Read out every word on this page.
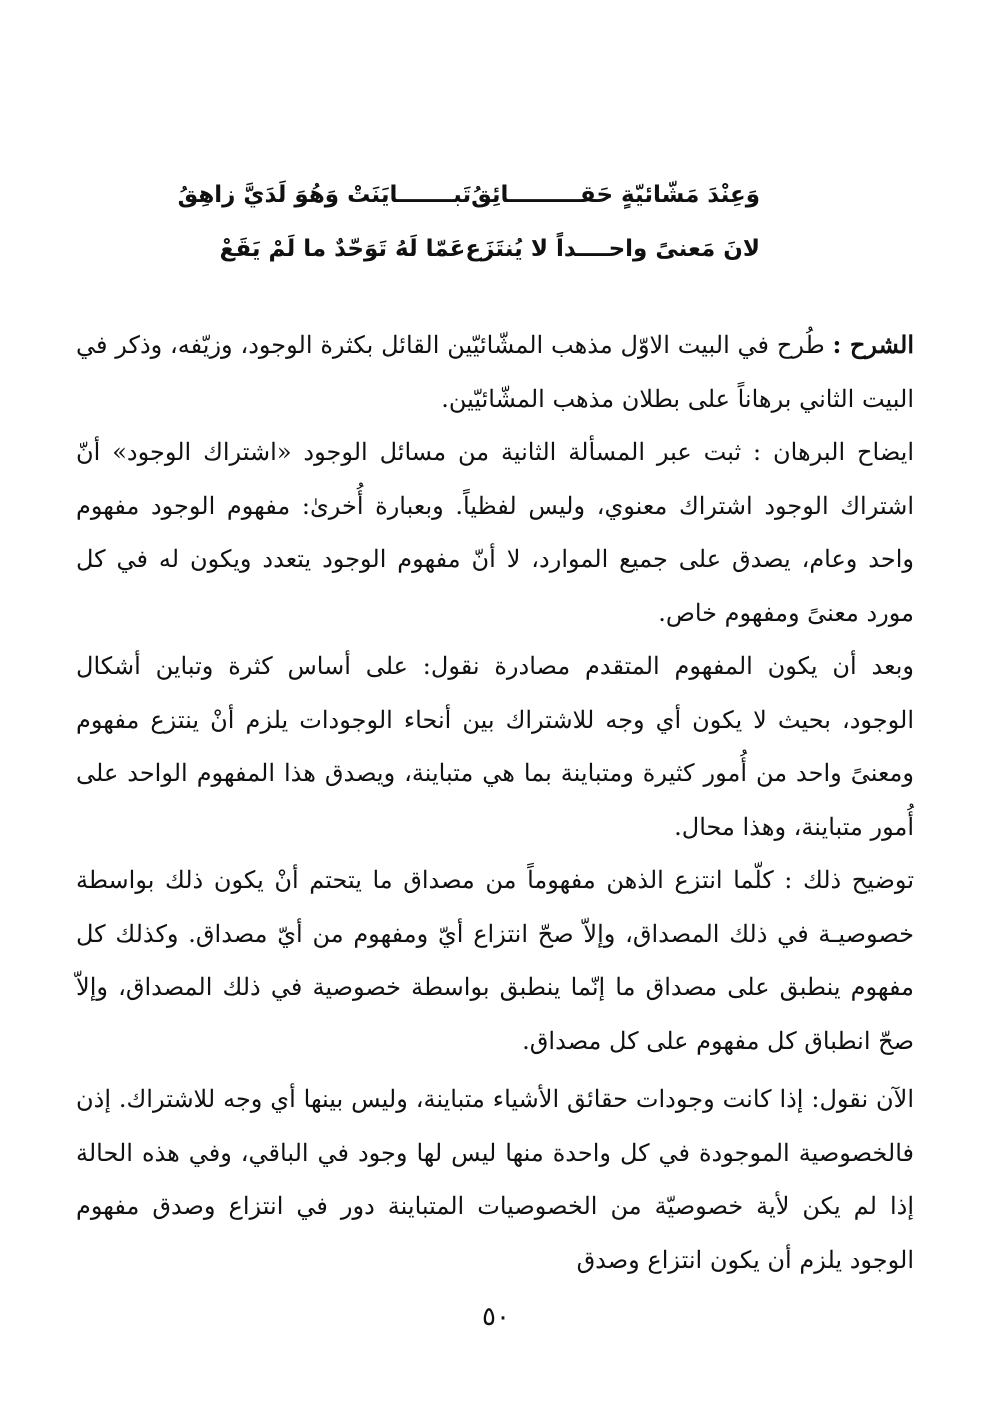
وَعِنْدَ مَشّائيّةٍ حَقـــــــــائِقُ
تَبـــــــايَنَتْ وَهُوَ لَدَيَّ زاهِقُ
لانَ مَعنىً واحــــداً لا يُنتَزَع
عَمّا لَهُ تَوَحّدٌ ما لَمْ يَقَعْ

الشرح : طُرح في البيت الاوّل مذهب المشّائيّين القائل بكثرة الوجود، وزيّفه، وذكر في البيت الثاني برهاناً على بطلان مذهب المشّائيّين.

ايضاح البرهان : ثبت عبر المسألة الثانية من مسائل الوجود «اشتراك الوجود» أنّ اشتراك الوجود اشتراك معنوي، وليس لفظياً. وبعبارة أُخرىٰ: مفهوم الوجود مفهوم واحد وعام، يصدق على جميع الموارد، لا أنّ مفهوم الوجود يتعدد ويكون له في كل مورد معنىً ومفهوم خاص.

وبعد أن يكون المفهوم المتقدم مصادرة نقول: على أساس كثرة وتباين أشكال الوجود، بحيث لا يكون أي وجه للاشتراك بين أنحاء الوجودات يلزم أنْ ينتزع مفهوم ومعنىً واحد من أُمور كثيرة ومتباينة بما هي متباينة، ويصدق هذا المفهوم الواحد على أُمور متباينة، وهذا محال.

توضيح ذلك : كلّما انتزع الذهن مفهوماً من مصداق ما يتحتم أنْ يكون ذلك بواسطة خصوصيـة في ذلك المصداق، وإلاّ صحّ انتزاع أيّ ومفهوم من أيّ مصداق. وكذلك كل مفهوم ينطبق على مصداق ما إنّما ينطبق بواسطة خصوصية في ذلك المصداق، وإلاّ صحّ انطباق كل مفهوم على كل مصداق.

الآن نقول: إذا كانت وجودات حقائق الأشياء متباينة، وليس بينها أي وجه للاشتراك. إذن فالخصوصية الموجودة في كل واحدة منها ليس لها وجود في الباقي، وفي هذه الحالة إذا لم يكن لأية خصوصيّة من الخصوصيات المتباينة دور في انتزاع وصدق مفهوم الوجود يلزم أن يكون انتزاع وصدق

٥٠
